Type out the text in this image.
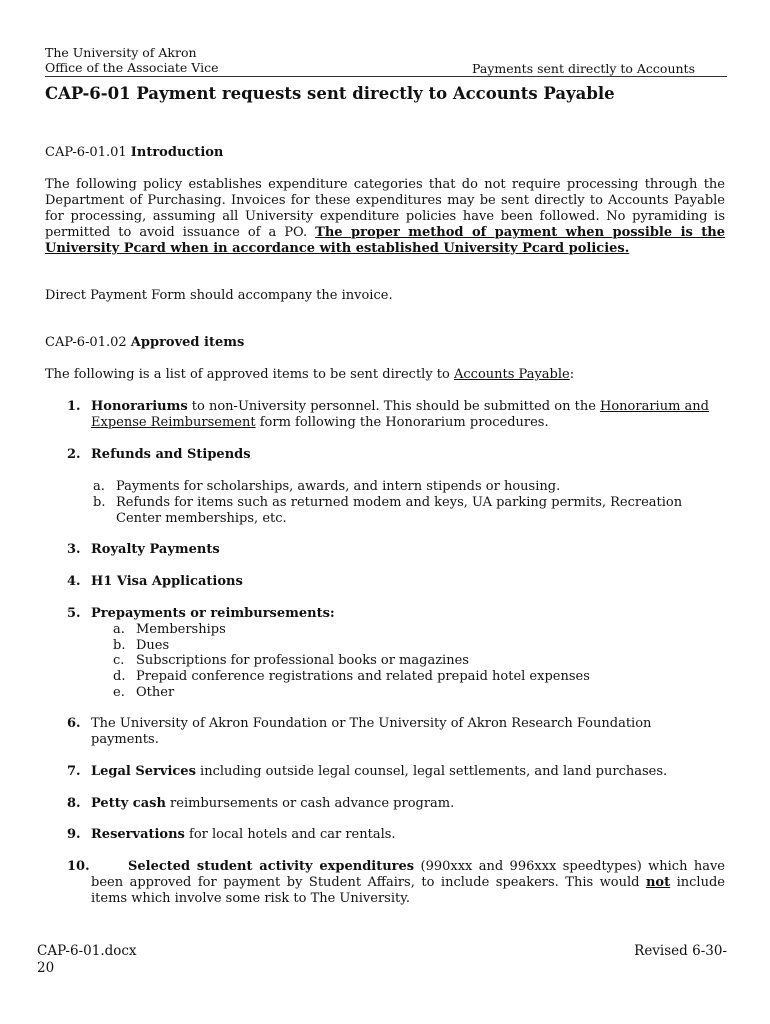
The University of Akron
Office of the Associate Vice	Payments sent directly to Accounts
CAP-6-01 Payment requests sent directly to Accounts Payable
CAP-6-01.01 Introduction
The following policy establishes expenditure categories that do not require processing through the Department of Purchasing. Invoices for these expenditures may be sent directly to Accounts Payable for processing, assuming all University expenditure policies have been followed. No pyramiding is permitted to avoid issuance of a PO. The proper method of payment when possible is the University Pcard when in accordance with established University Pcard policies.
Direct Payment Form should accompany the invoice.
CAP-6-01.02 Approved items
The following is a list of approved items to be sent directly to Accounts Payable:
1. Honorariums to non-University personnel. This should be submitted on the Honorarium and Expense Reimbursement form following the Honorarium procedures.
2. Refunds and Stipends
a. Payments for scholarships, awards, and intern stipends or housing.
b. Refunds for items such as returned modem and keys, UA parking permits, Recreation Center memberships, etc.
3. Royalty Payments
4. H1 Visa Applications
5. Prepayments or reimbursements:
a. Memberships
b. Dues
c. Subscriptions for professional books or magazines
d. Prepaid conference registrations and related prepaid hotel expenses
e. Other
6. The University of Akron Foundation or The University of Akron Research Foundation payments.
7. Legal Services including outside legal counsel, legal settlements, and land purchases.
8. Petty cash reimbursements or cash advance program.
9. Reservations for local hotels and car rentals.
10.	Selected student activity expenditures (990xxx and 996xxx speedtypes) which have been approved for payment by Student Affairs, to include speakers. This would not include items which involve some risk to The University.
CAP-6-01.docx 20
Revised 6-30-
